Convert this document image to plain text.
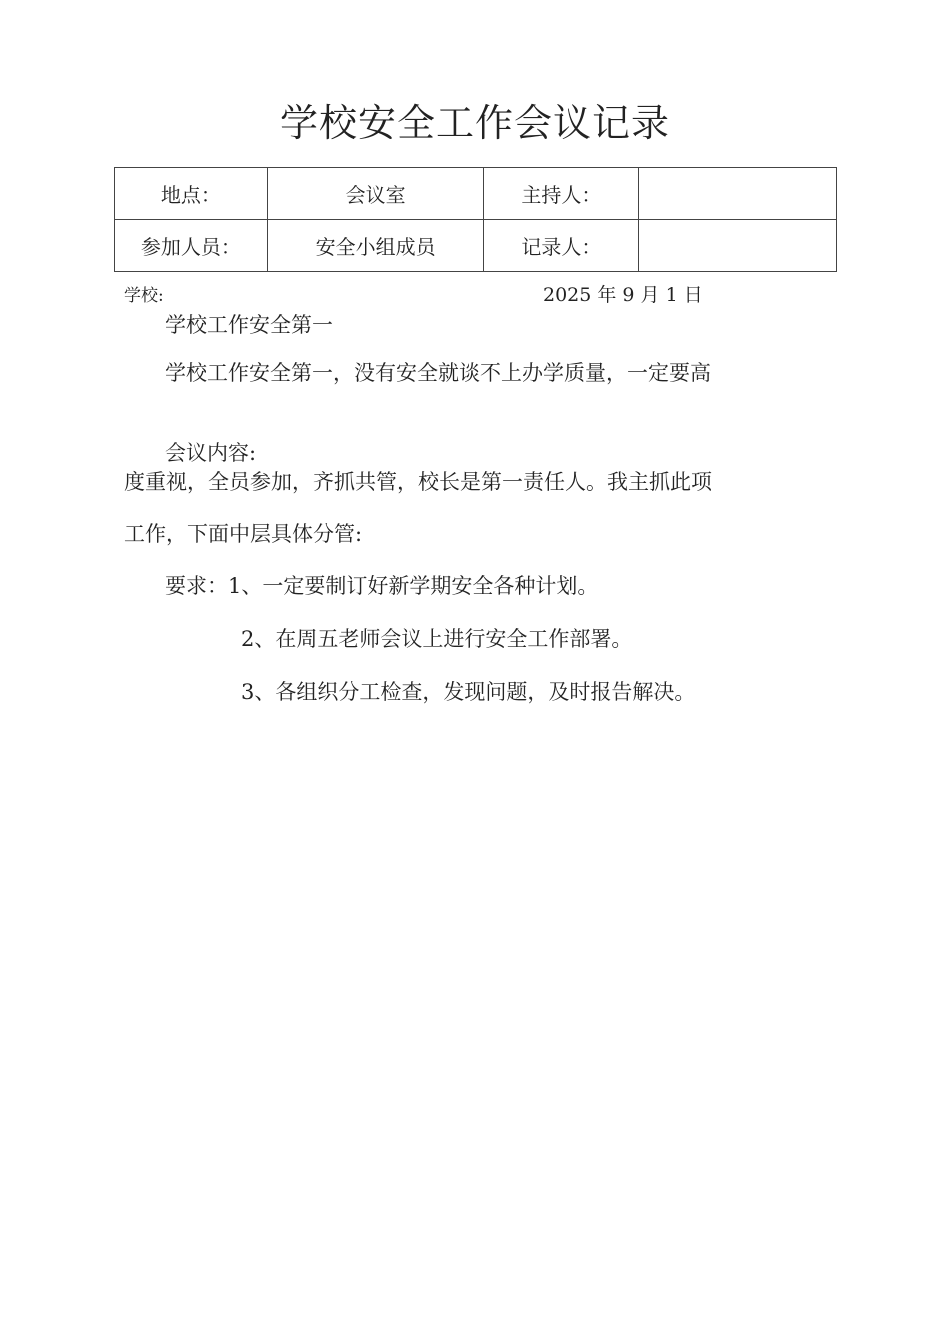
学校安全工作会议记录
地点：	会议室	主持人：	
参加人员：	安全小组成员	记录人：	
学校:	2025 年 9 月 1 日
学校工作安全第一
学校工作安全第一，没有安全就谈不上办学质量，一定要高
会议内容:
度重视，全员参加，齐抓共管，校长是第一责任人。我主抓此项
工作，下面中层具体分管:
要求：1、一定要制订好新学期安全各种计划。
2、在周五老师会议上进行安全工作部署。
3、各组织分工检查，发现问题，及时报告解决。
